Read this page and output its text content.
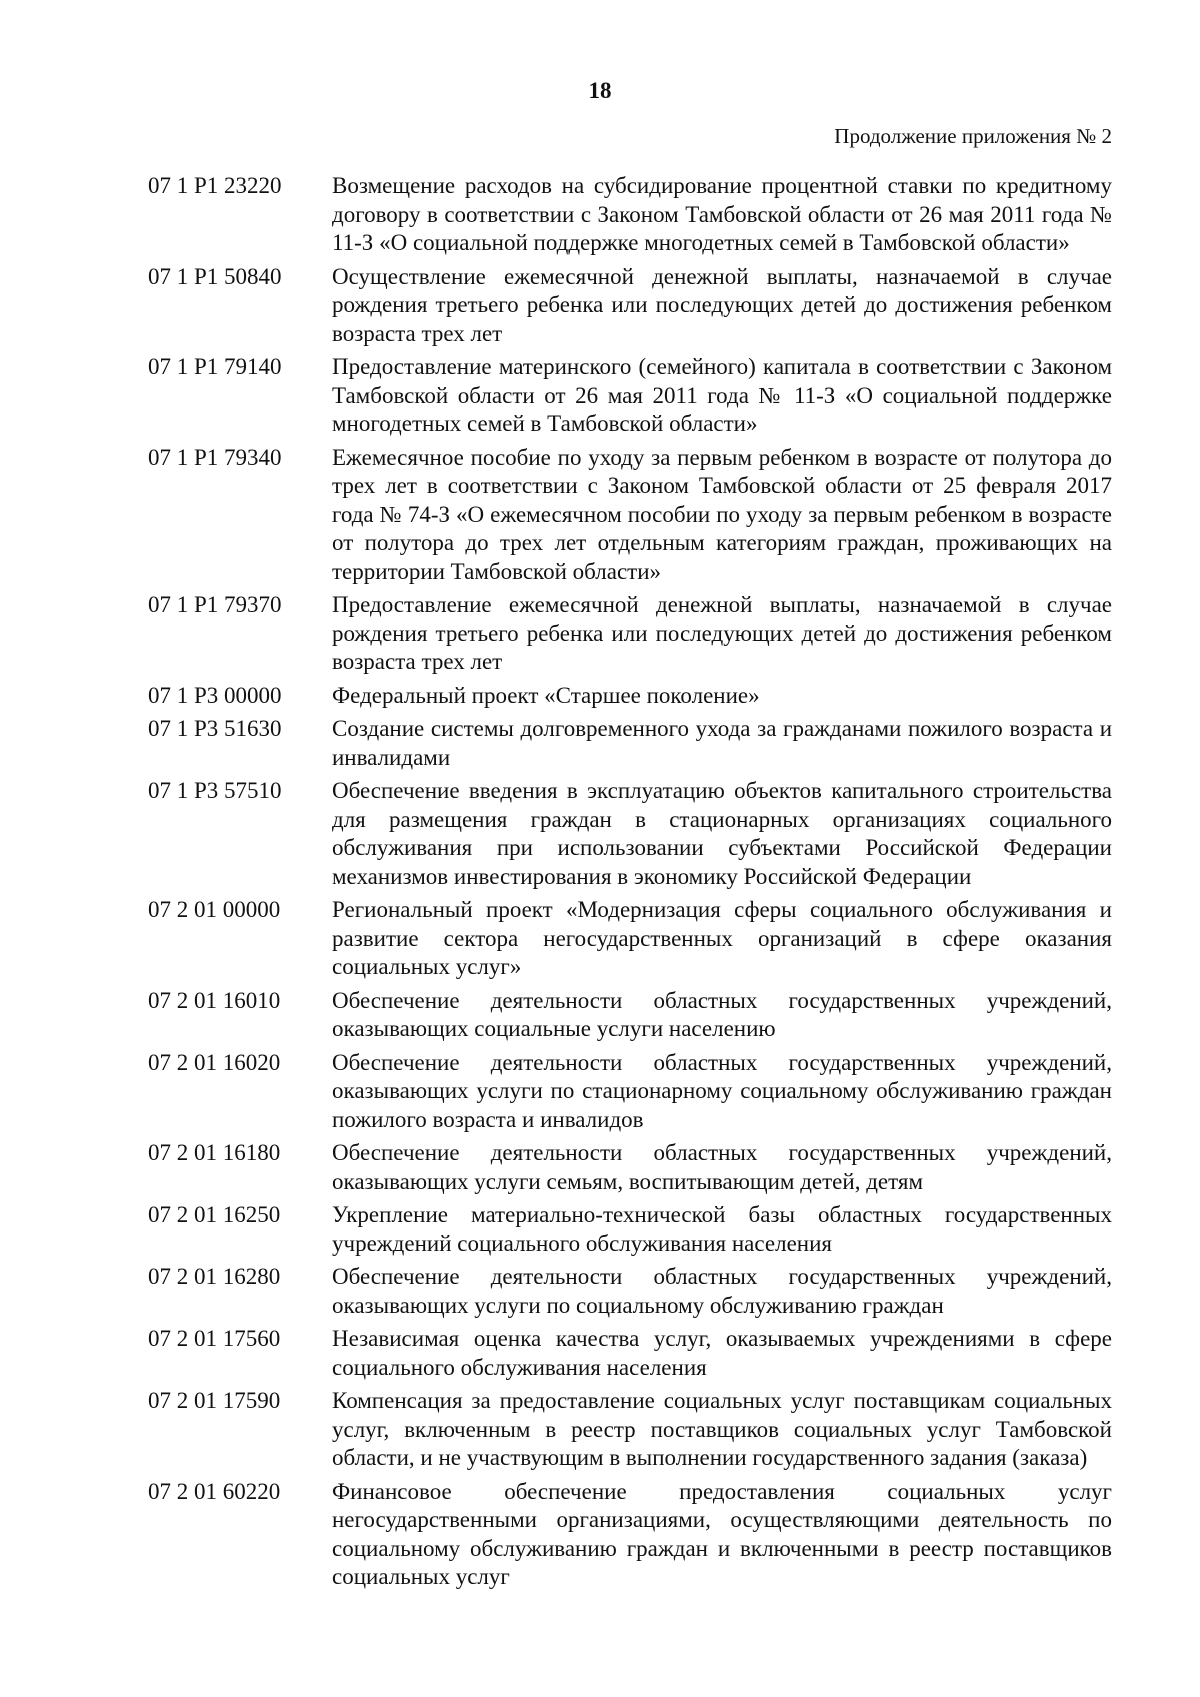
18
Продолжение приложения № 2
07 1 P1 23220	Возмещение расходов на субсидирование процентной ставки по кредитному договору в соответствии с Законом Тамбовской области от 26 мая 2011 года № 11-З «О социальной поддержке многодетных семей в Тамбовской области»
07 1 P1 50840	Осуществление ежемесячной денежной выплаты, назначаемой в случае рождения третьего ребенка или последующих детей до достижения ребенком возраста трех лет
07 1 P1 79140	Предоставление материнского (семейного) капитала в соответствии с Законом Тамбовской области от 26 мая 2011 года № 11-З «О социальной поддержке многодетных семей в Тамбовской области»
07 1 P1 79340	Ежемесячное пособие по уходу за первым ребенком в возрасте от полутора до трех лет в соответствии с Законом Тамбовской области от 25 февраля 2017 года № 74-З «О ежемесячном пособии по уходу за первым ребенком в возрасте от полутора до трех лет отдельным категориям граждан, проживающих на территории Тамбовской области»
07 1 P1 79370	Предоставление ежемесячной денежной выплаты, назначаемой в случае рождения третьего ребенка или последующих детей до достижения ребенком возраста трех лет
07 1 P3 00000	Федеральный проект «Старшее поколение»
07 1 P3 51630	Создание системы долговременного ухода за гражданами пожилого возраста и инвалидами
07 1 P3 57510	Обеспечение введения в эксплуатацию объектов капитального строительства для размещения граждан в стационарных организациях социального обслуживания при использовании субъектами Российской Федерации механизмов инвестирования в экономику Российской Федерации
07 2 01 00000	Региональный проект «Модернизация сферы социального обслуживания и развитие сектора негосударственных организаций в сфере оказания социальных услуг»
07 2 01 16010	Обеспечение деятельности областных государственных учреждений, оказывающих социальные услуги населению
07 2 01 16020	Обеспечение деятельности областных государственных учреждений, оказывающих услуги по стационарному социальному обслуживанию граждан пожилого возраста и инвалидов
07 2 01 16180	Обеспечение деятельности областных государственных учреждений, оказывающих услуги семьям, воспитывающим детей, детям
07 2 01 16250	Укрепление материально-технической базы областных государственных учреждений социального обслуживания населения
07 2 01 16280	Обеспечение деятельности областных государственных учреждений, оказывающих услуги по социальному обслуживанию граждан
07 2 01 17560	Независимая оценка качества услуг, оказываемых учреждениями в сфере социального обслуживания населения
07 2 01 17590	Компенсация за предоставление социальных услуг поставщикам социальных услуг, включенным в реестр поставщиков социальных услуг Тамбовской области, и не участвующим в выполнении государственного задания (заказа)
07 2 01 60220	Финансовое обеспечение предоставления социальных услуг негосударственными организациями, осуществляющими деятельность по социальному обслуживанию граждан и включенными в реестр поставщиков социальных услуг
